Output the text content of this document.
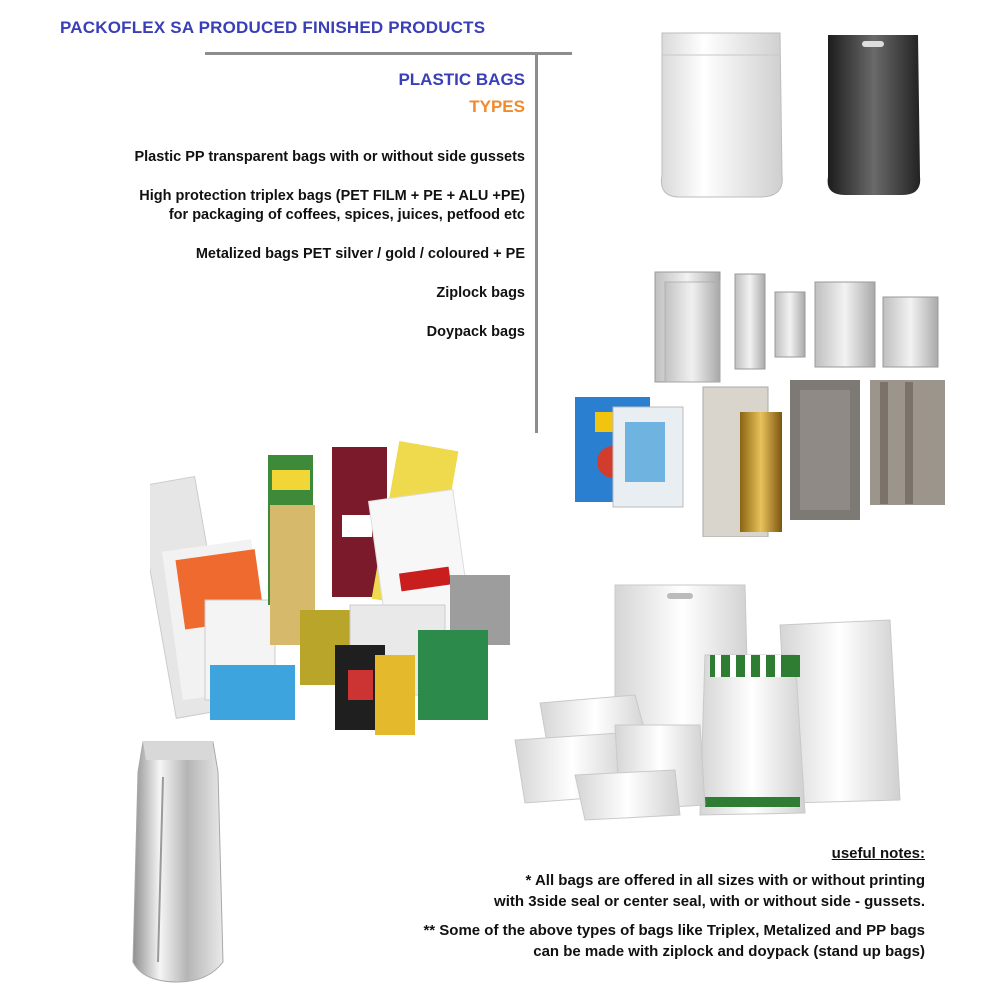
PACKOFLEX SA PRODUCED FINISHED PRODUCTS
PLASTIC BAGS
TYPES
Plastic PP transparent bags with or without side gussets
High protection triplex bags (PET FILM + PE + ALU +PE)
for packaging of coffees, spices, juices, petfood etc
Metalized bags PET silver / gold / coloured + PE
Ziplock bags
Doypack bags
useful notes:
* All bags are offered in all sizes with or without printing
with 3side seal or center seal, with or without side - gussets.
** Some of the above types of bags like Triplex, Metalized and PP bags
can be made with ziplock and doypack (stand up bags)
